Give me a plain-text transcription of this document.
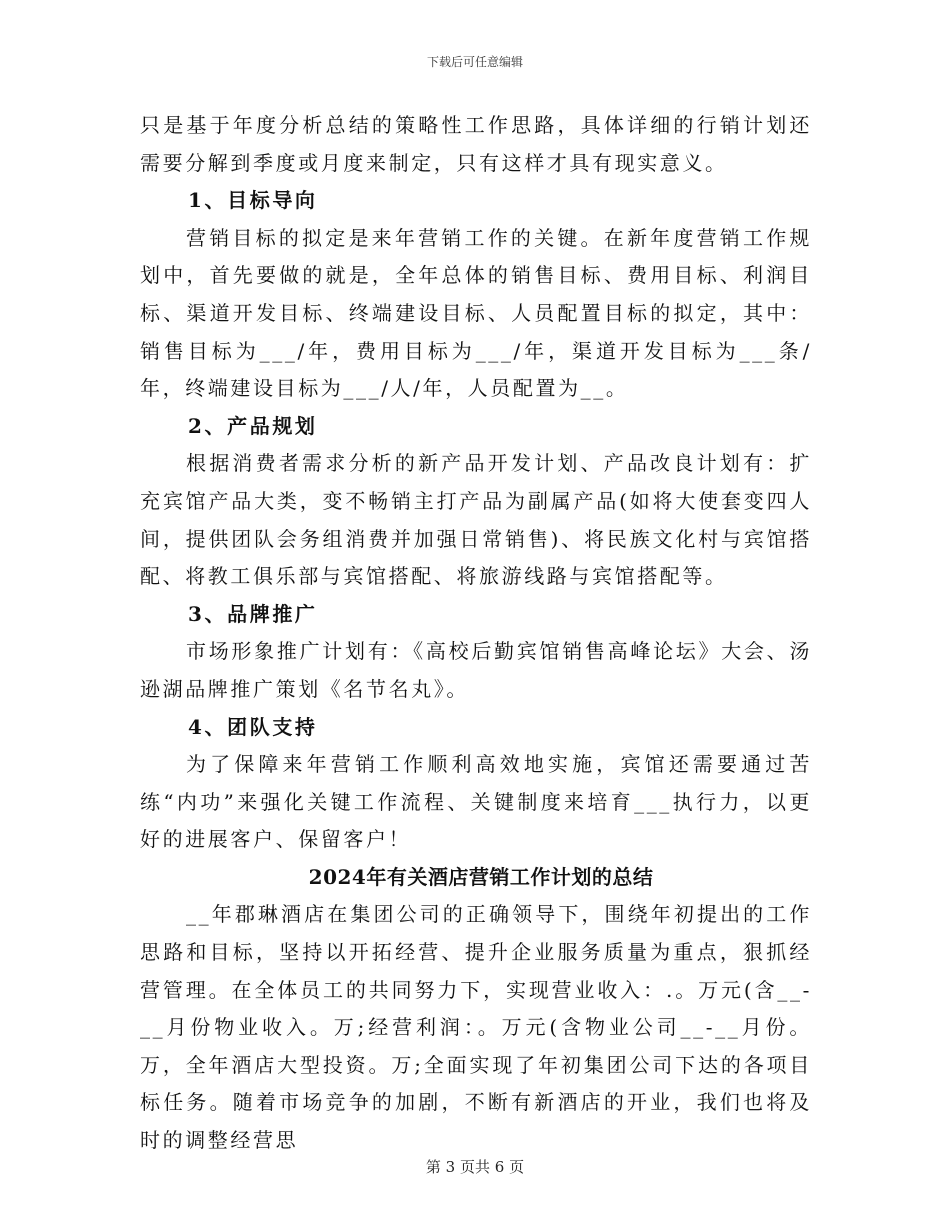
下载后可任意编辑

只是基于年度分析总结的策略性工作思路，具体详细的行销计划还需要分解到季度或月度来制定，只有这样才具有现实意义。

1、目标导向

营销目标的拟定是来年营销工作的关键。在新年度营销工作规划中，首先要做的就是，全年总体的销售目标、费用目标、利润目标、渠道开发目标、终端建设目标、人员配置目标的拟定，其中：销售目标为___/年，费用目标为___/年，渠道开发目标为___条/年，终端建设目标为___/人/年，人员配置为__。

2、产品规划

根据消费者需求分析的新产品开发计划、产品改良计划有：扩充宾馆产品大类，变不畅销主打产品为副属产品(如将大使套变四人间，提供团队会务组消费并加强日常销售)、将民族文化村与宾馆搭配、将教工俱乐部与宾馆搭配、将旅游线路与宾馆搭配等。

3、品牌推广

市场形象推广计划有：《高校后勤宾馆销售高峰论坛》大会、汤逊湖品牌推广策划《名节名丸》。

4、团队支持

为了保障来年营销工作顺利高效地实施，宾馆还需要通过苦练“内功”来强化关键工作流程、关键制度来培育___执行力，以更好的进展客户、保留客户！

2024年有关酒店营销工作计划的总结

__年郡琳酒店在集团公司的正确领导下，围绕年初提出的工作思路和目标，坚持以开拓经营、提升企业服务质量为重点，狠抓经营管理。在全体员工的共同努力下，实现营业收入：.。万元(含__-__月份物业收入。万;经营利润：。万元(含物业公司__-__月份。万，全年酒店大型投资。万;全面实现了年初集团公司下达的各项目标任务。随着市场竞争的加剧，不断有新酒店的开业，我们也将及时的调整经营思

第 3 页共 6 页
